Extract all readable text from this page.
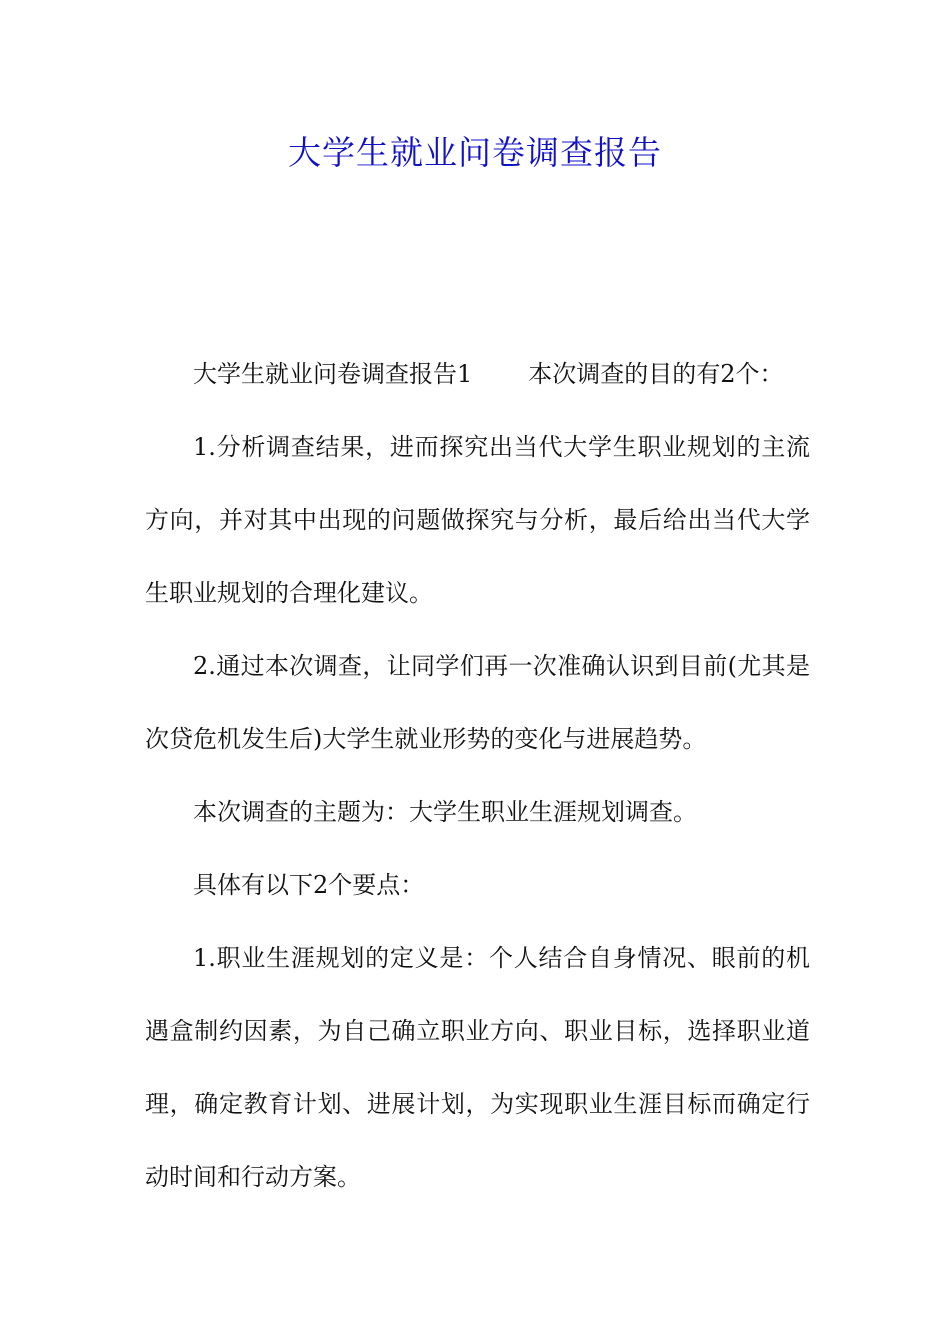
大学生就业问卷调查报告

大学生就业问卷调查报告1 本次调查的目的有2个：

1.分析调查结果，进而探究出当代大学生职业规划的主流方向，并对其中出现的问题做探究与分析，最后给出当代大学生职业规划的合理化建议。

2.通过本次调查，让同学们再一次准确认识到目前(尤其是次贷危机发生后)大学生就业形势的变化与进展趋势。

本次调查的主题为：大学生职业生涯规划调查。

具体有以下2个要点：

1.职业生涯规划的定义是：个人结合自身情况、眼前的机遇盒制约因素，为自己确立职业方向、职业目标，选择职业道理，确定教育计划、进展计划，为实现职业生涯目标而确定行动时间和行动方案。
